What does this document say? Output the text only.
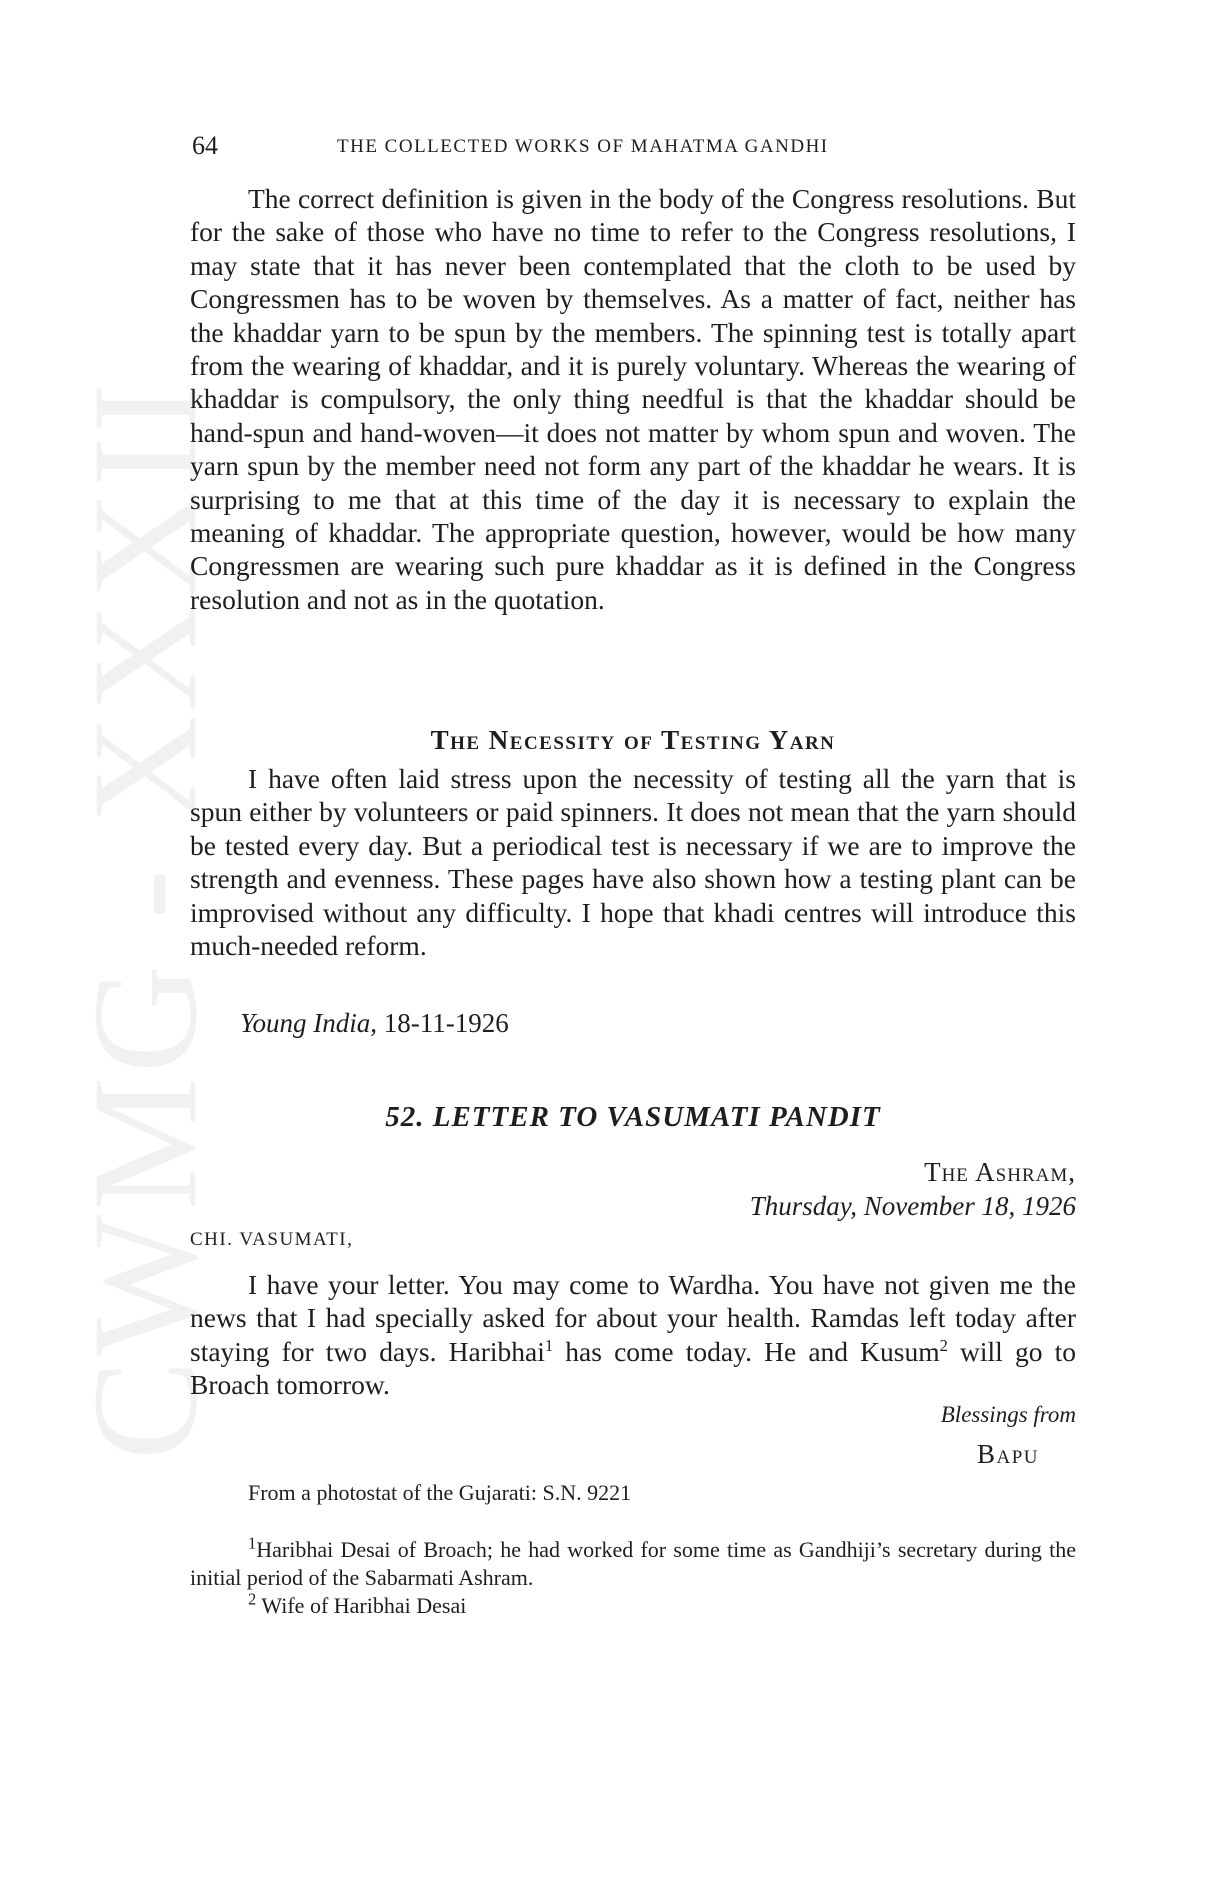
CWMG - XXXII
64	THE COLLECTED WORKS OF MAHATMA GANDHI

The correct definition is given in the body of the Congress resolutions. But for the sake of those who have no time to refer to the Congress resolutions, I may state that it has never been contemplated that the cloth to be used by Congressmen has to be woven by themselves. As a matter of fact, neither has the khaddar yarn to be spun by the members. The spinning test is totally apart from the wearing of khaddar, and it is purely voluntary. Whereas the wearing of khaddar is compulsory, the only thing needful is that the khaddar should be hand-spun and hand-woven—it does not matter by whom spun and woven. The yarn spun by the member need not form any part of the khaddar he wears. It is surprising to me that at this time of the day it is necessary to explain the meaning of khaddar. The appropriate question, however, would be how many Congressmen are wearing such pure khaddar as it is defined in the Congress resolution and not as in the quotation.

The Necessity of Testing Yarn

I have often laid stress upon the necessity of testing all the yarn that is spun either by volunteers or paid spinners. It does not mean that the yarn should be tested every day. But a periodical test is necessary if we are to improve the strength and evenness. These pages have also shown how a testing plant can be improvised without any difficulty. I hope that khadi centres will introduce this much-needed reform.

Young India, 18-11-1926

52. LETTER TO VASUMATI PANDIT
The Ashram,
Thursday, November 18, 1926

CHI. VASUMATI,

I have your letter. You may come to Wardha. You have not given me the news that I had specially asked for about your health. Ramdas left today after staying for two days. Haribhai$^1$ has come today. He and Kusum$^2$ will go to Broach tomorrow.

Blessings from
Bapu

From a photostat of the Gujarati: S.N. 9221

$^1$Haribhai Desai of Broach; he had worked for some time as Gandhiji’s secretary during the initial period of the Sabarmati Ashram.

$^2$ Wife of Haribhai Desai
